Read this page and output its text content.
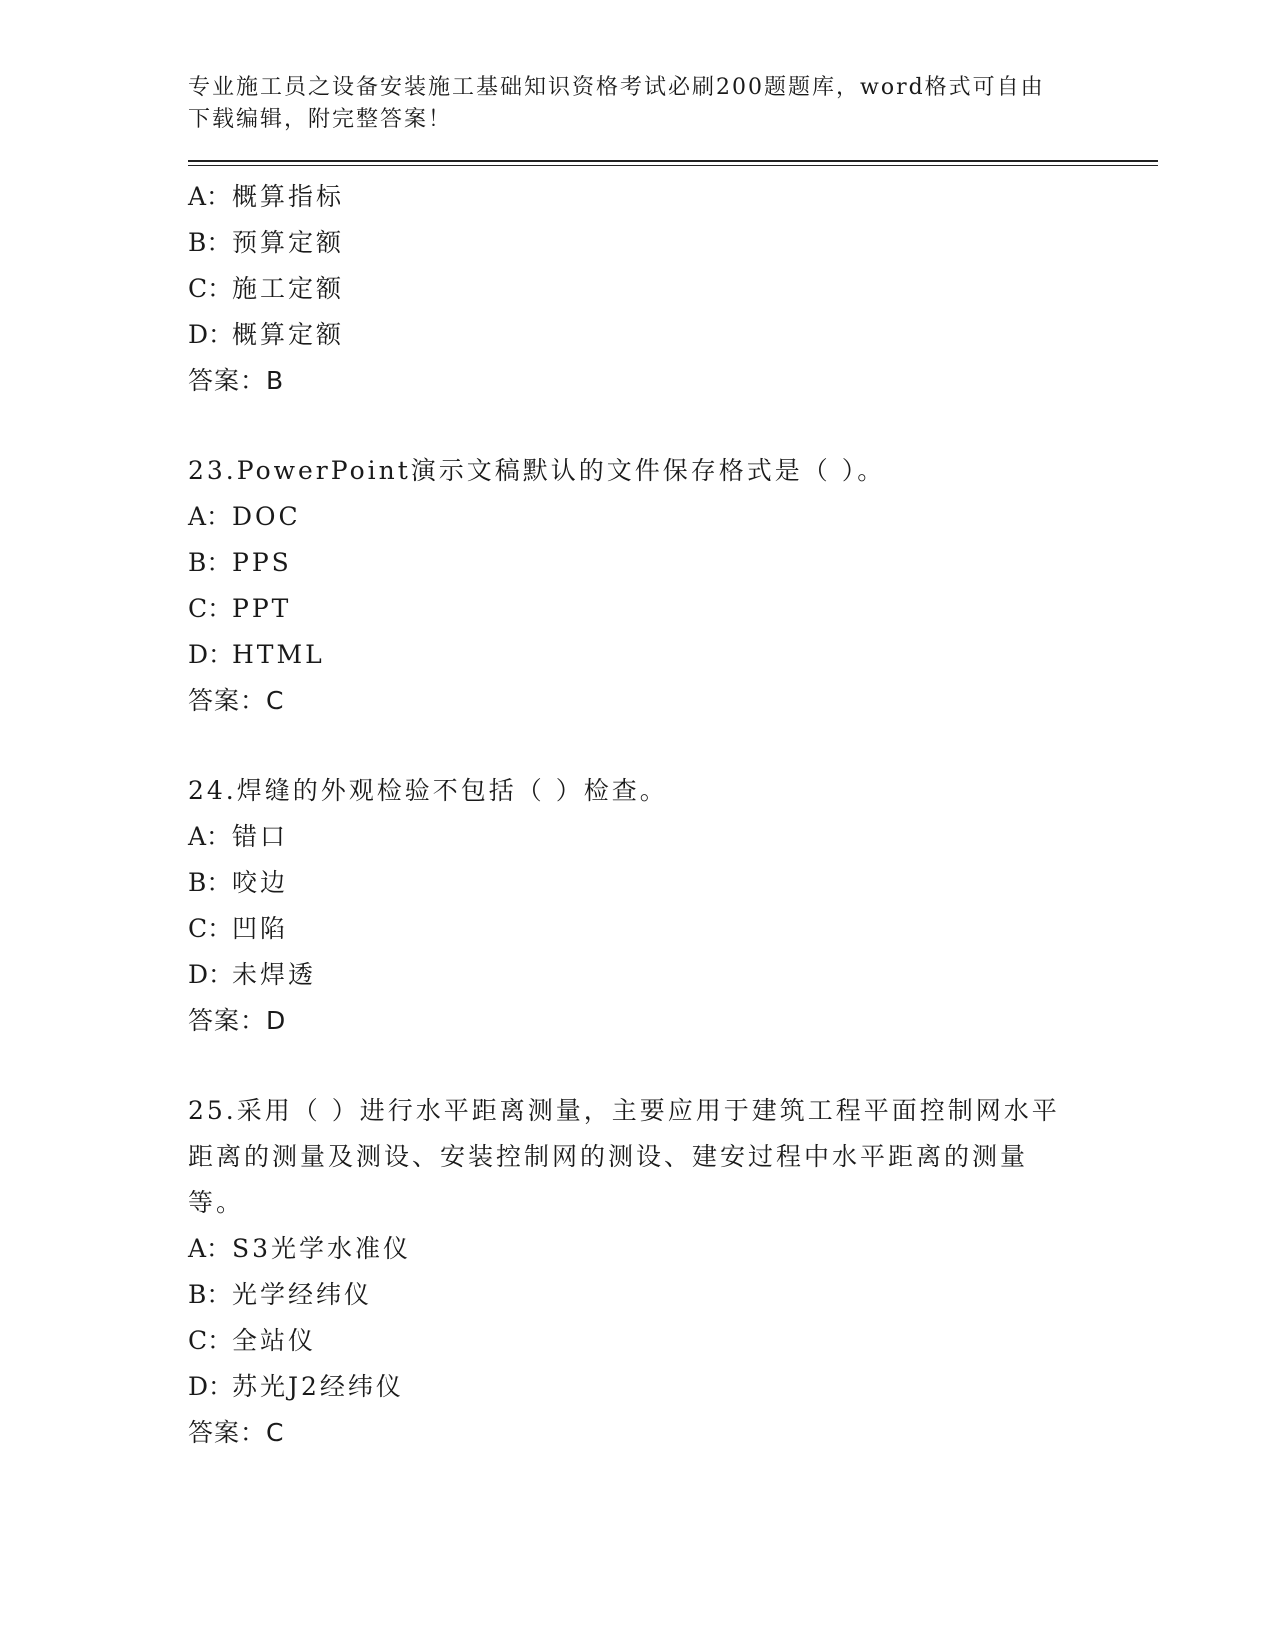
专业施工员之设备安装施工基础知识资格考试必刷200题题库，word格式可自由
下载编辑，附完整答案！
A：概算指标
B：预算定额
C：施工定额
D：概算定额
答案：B
23.PowerPoint演示文稿默认的文件保存格式是（ ）。
A：DOC
B：PPS
C：PPT
D：HTML
答案：C
24.焊缝的外观检验不包括（ ）检查。
A：错口
B：咬边
C：凹陷
D：未焊透
答案：D
25.采用（ ）进行水平距离测量，主要应用于建筑工程平面控制网水平距离的测量及测设、安装控制网的测设、建安过程中水平距离的测量等。
A：S3光学水准仪
B：光学经纬仪
C：全站仪
D：苏光J2经纬仪
答案：C
